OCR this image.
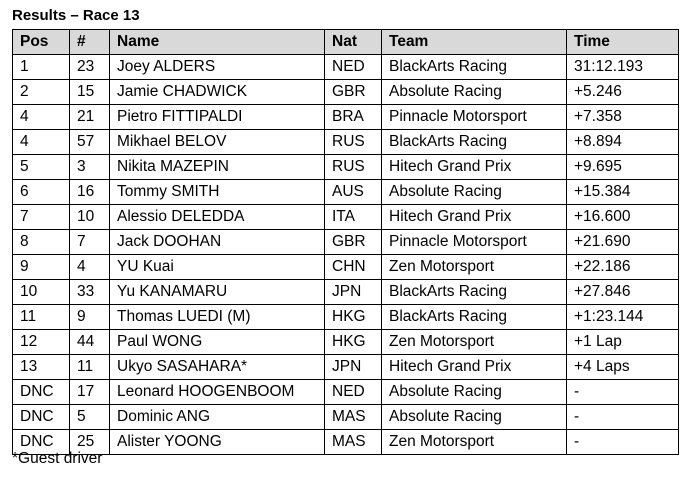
Results – Race 13
Pos	#	Name	Nat	Team	Time
1	23	Joey ALDERS	NED	BlackArts Racing	31:12.193
2	15	Jamie CHADWICK	GBR	Absolute Racing	+5.246
4	21	Pietro FITTIPALDI	BRA	Pinnacle Motorsport	+7.358
4	57	Mikhael BELOV	RUS	BlackArts Racing	+8.894
5	3	Nikita MAZEPIN	RUS	Hitech Grand Prix	+9.695
6	16	Tommy SMITH	AUS	Absolute Racing	+15.384
7	10	Alessio DELEDDA	ITA	Hitech Grand Prix	+16.600
8	7	Jack DOOHAN	GBR	Pinnacle Motorsport	+21.690
9	4	YU Kuai	CHN	Zen Motorsport	+22.186
10	33	Yu KANAMARU	JPN	BlackArts Racing	+27.846
11	9	Thomas LUEDI (M)	HKG	BlackArts Racing	+1:23.144
12	44	Paul WONG	HKG	Zen Motorsport	+1 Lap
13	11	Ukyo SASAHARA*	JPN	Hitech Grand Prix	+4 Laps
DNC	17	Leonard HOOGENBOOM	NED	Absolute Racing	-
DNC	5	Dominic ANG	MAS	Absolute Racing	-
DNC	25	Alister YOONG	MAS	Zen Motorsport	-
*Guest driver
